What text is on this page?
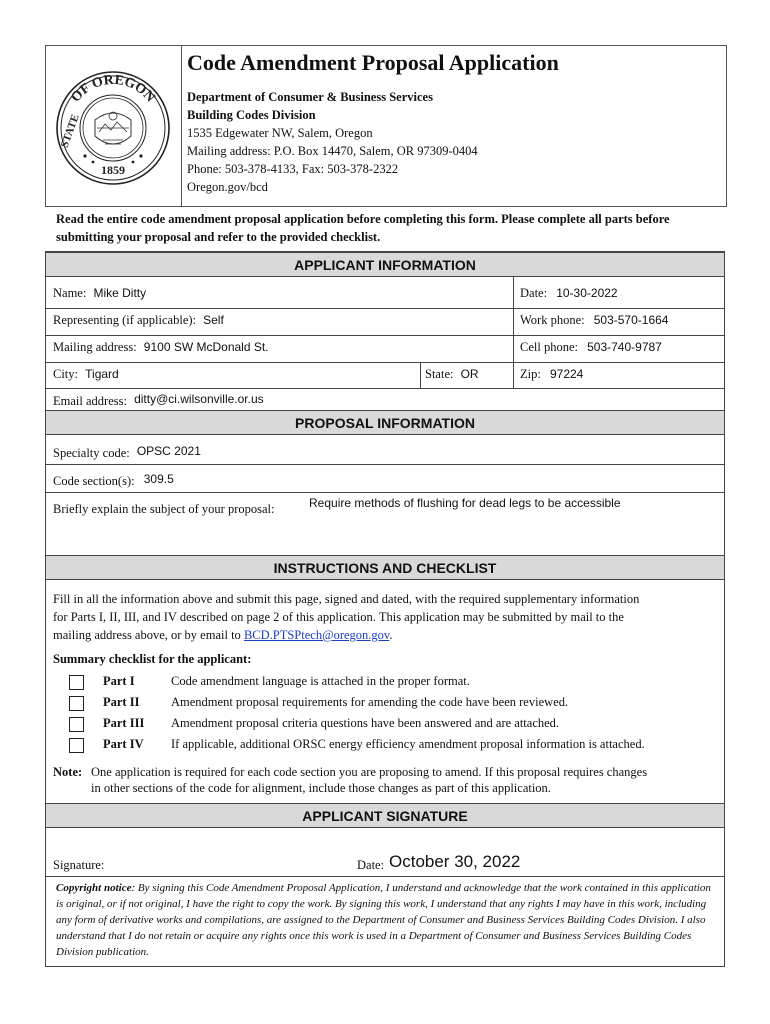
OF OREGON
STATE
1859
Code Amendment Proposal Application
Department of Consumer & Business Services
Building Codes Division
1535 Edgewater NW, Salem, Oregon
Mailing address: P.O. Box 14470, Salem, OR 97309-0404
Phone: 503-378-4133, Fax: 503-378-2322
Oregon.gov/bcd
Read the entire code amendment proposal application before completing this form. Please complete all parts before submitting your proposal and refer to the provided checklist.
APPLICANT INFORMATION
Name: Mike Ditty	Date: 10-30-2022
Representing (if applicable): Self	Work phone: 503-570-1664
Mailing address: 9100 SW McDonald St.	Cell phone: 503-740-9787
City: Tigard	State: OR	Zip: 97224
Email address: ditty@ci.wilsonville.or.us
PROPOSAL INFORMATION
Specialty code: OPSC 2021
Code section(s): 309.5
Briefly explain the subject of your proposal:	Require methods of flushing for dead legs to be accessible
INSTRUCTIONS AND CHECKLIST
Fill in all the information above and submit this page, signed and dated, with the required supplementary information
for Parts I, II, III, and IV described on page 2 of this application. This application may be submitted by mail to the
mailing address above, or by email to BCD.PTSPtech@oregon.gov.
Summary checklist for the applicant:
Part I	Code amendment language is attached in the proper format.
Part II	Amendment proposal requirements for amending the code have been reviewed.
Part III Amendment proposal criteria questions have been answered and are attached.
Part IV If applicable, additional ORSC energy efficiency amendment proposal information is attached.
Note: One application is required for each code section you are proposing to amend. If this proposal requires changes
in other sections of the code for alignment, include those changes as part of this application.
APPLICANT SIGNATURE
Signature:	Date: October 30, 2022
Copyright notice: By signing this Code Amendment Proposal Application, I understand and acknowledge that the work contained in this application is original, or if not original, I have the right to copy the work. By signing this work, I understand that any rights I may have in this work, including any form of derivative works and compilations, are assigned to the Department of Consumer and Business Services Building Codes Division. I also understand that I do not retain or acquire any rights once this work is used in a Department of Consumer and Business Services Building Codes Division publication.
